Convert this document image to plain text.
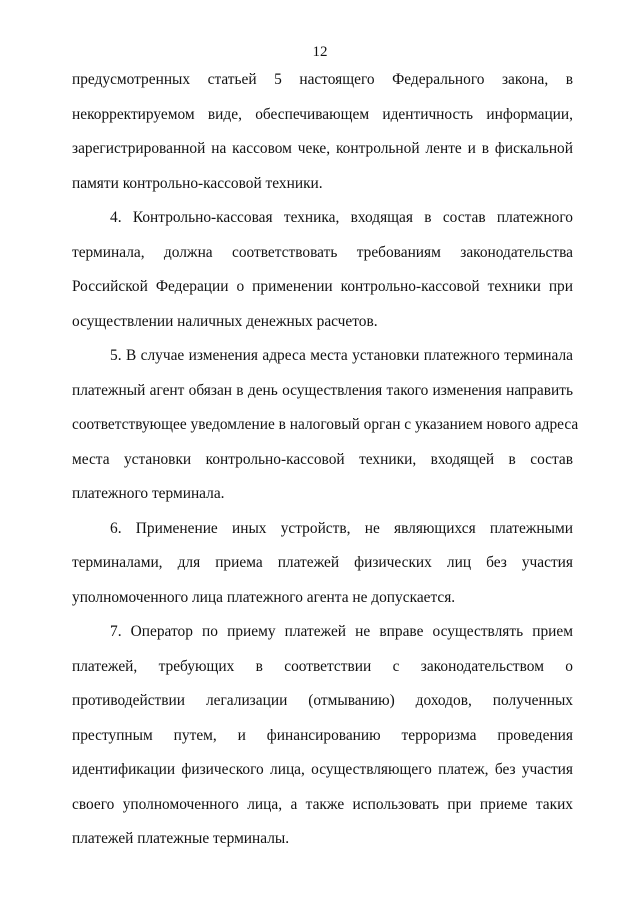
12
предусмотренных статьей 5 настоящего Федерального закона, в
некорректируемом виде, обеспечивающем идентичность информации,
зарегистрированной на кассовом чеке, контрольной ленте и в фискальной
памяти контрольно-кассовой техники.
4. Контрольно-кассовая техника, входящая в состав платежного
терминала, должна соответствовать требованиям законодательства
Российской Федерации о применении контрольно-кассовой техники при
осуществлении наличных денежных расчетов.
5. В случае изменения адреса места установки платежного терминала
платежный агент обязан в день осуществления такого изменения направить
соответствующее уведомление в налоговый орган с указанием нового адреса
места установки контрольно-кассовой техники, входящей в состав
платежного терминала.
6. Применение иных устройств, не являющихся платежными
терминалами, для приема платежей физических лиц без участия
уполномоченного лица платежного агента не допускается.
7. Оператор по приему платежей не вправе осуществлять прием
платежей, требующих в соответствии с законодательством о
противодействии легализации (отмыванию) доходов, полученных
преступным путем, и финансированию терроризма проведения
идентификации физического лица, осуществляющего платеж, без участия
своего уполномоченного лица, а также использовать при приеме таких
платежей платежные терминалы.
